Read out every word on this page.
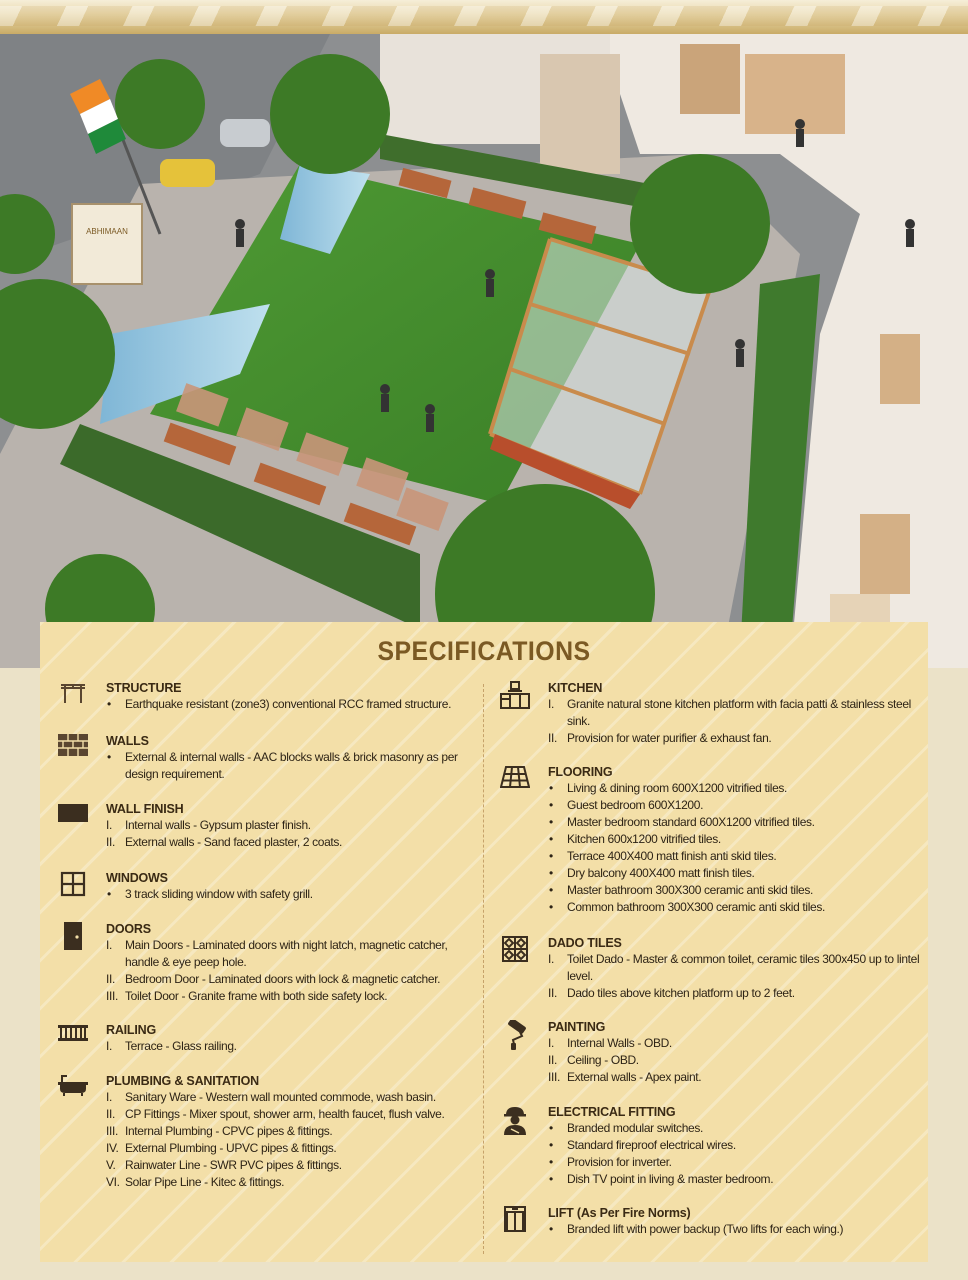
ABHIMAAN
SPECIFICATIONS
STRUCTURE
•	Earthquake resistant (zone3) conventional RCC framed structure.
WALLS
•	External & internal walls - AAC blocks walls & brick masonry as per design requirement.
WALL FINISH
I.	Internal walls - Gypsum plaster finish.
II. External walls - Sand faced plaster, 2 coats.
WINDOWS
•	3 track sliding window with safety grill.
DOORS
I.	Main Doors - Laminated doors with night latch, magnetic catcher, handle & eye peep hole.
II. Bedroom Door - Laminated doors with lock & magnetic catcher.
III. Toilet Door - Granite frame with both side safety lock.
RAILING
I.	Terrace - Glass railing.
PLUMBING & SANITATION
I.	Sanitary Ware - Western wall mounted commode, wash basin.
II. CP Fittings - Mixer spout, shower arm, health faucet, flush valve.
III. Internal Plumbing - CPVC pipes & fittings.
IV. External Plumbing - UPVC pipes & fittings.
V. Rainwater Line - SWR PVC pipes & fittings.
VI. Solar Pipe Line - Kitec & fittings.
KITCHEN
I.	Granite natural stone kitchen platform with facia patti & stainless steel sink.
II. Provision for water purifier & exhaust fan.
FLOORING
•	Living & dining room 600X1200 vitrified tiles.
•	Guest bedroom 600X1200.
•	Master bedroom standard 600X1200 vitrified tiles.
•	Kitchen 600x1200 vitrified tiles.
•	Terrace 400X400 matt finish anti skid tiles.
•	Dry balcony 400X400 matt finish tiles.
•	Master bathroom 300X300 ceramic anti skid tiles.
•	Common bathroom 300X300 ceramic anti skid tiles.
DADO TILES
I.	Toilet Dado - Master & common toilet, ceramic tiles 300x450 up to lintel level.
II. Dado tiles above kitchen platform up to 2 feet.
PAINTING
I.	Internal Walls - OBD.
II. Ceiling - OBD.
III. External walls - Apex paint.
ELECTRICAL FITTING
•	Branded modular switches.
•	Standard fireproof electrical wires.
•	Provision for inverter.
•	Dish TV point in living & master bedroom.
LIFT (As Per Fire Norms)
•	Branded lift with power backup (Two lifts for each wing.)
